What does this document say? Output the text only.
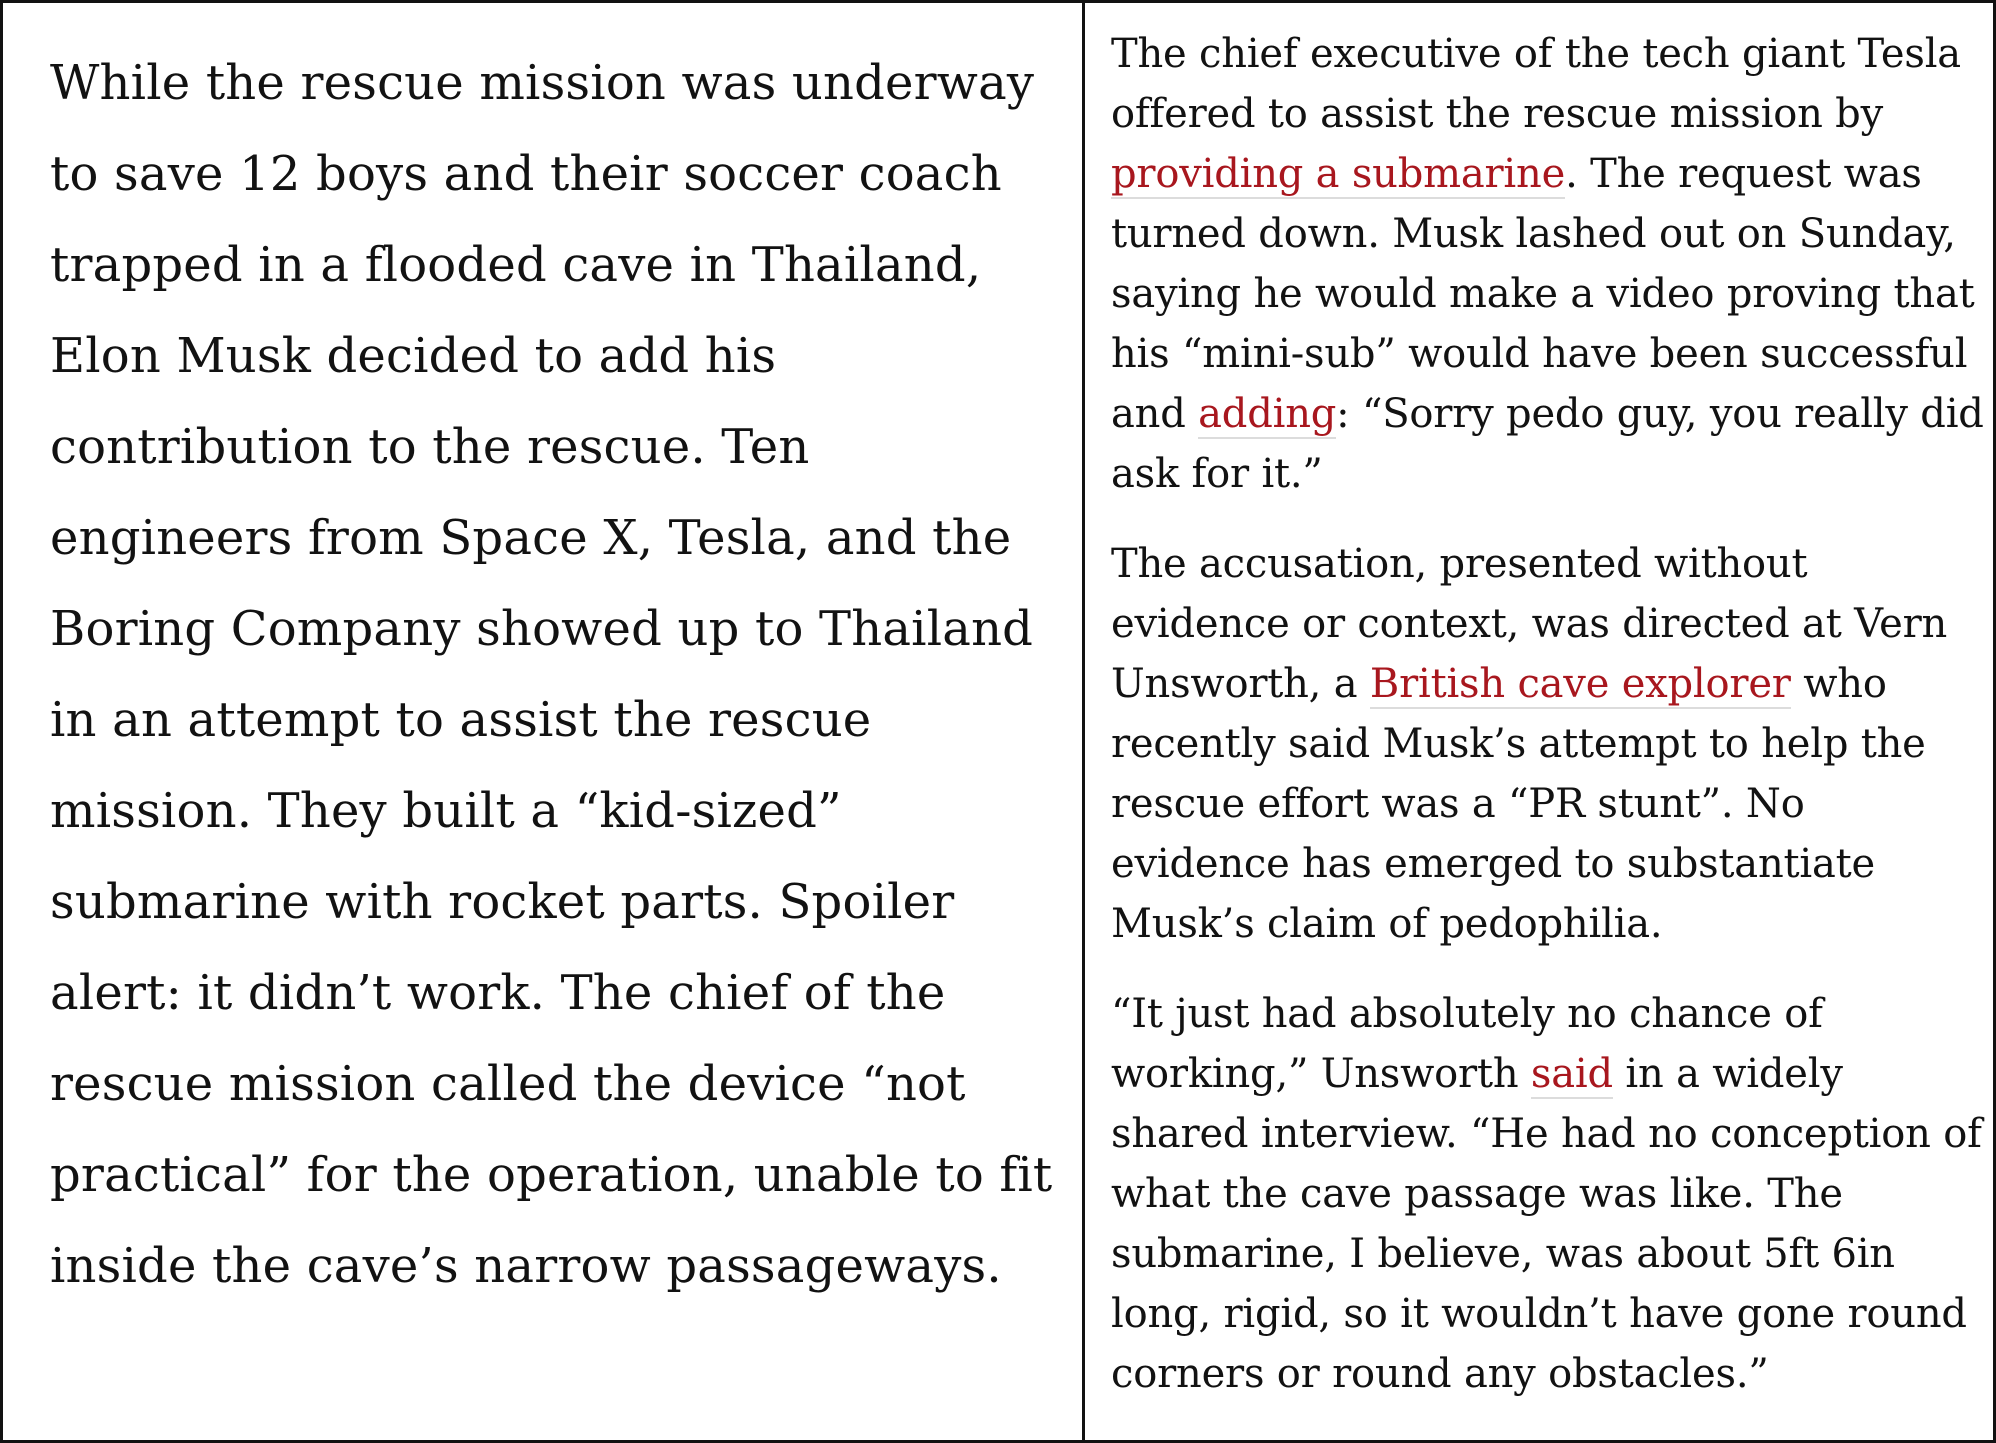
While the rescue mission was underway to save 12 boys and their soccer coach trapped in a flooded cave in Thailand, Elon Musk decided to add his contribution to the rescue. Ten engineers from Space X, Tesla, and the Boring Company showed up to Thailand in an attempt to assist the rescue mission. They built a “kid-sized” submarine with rocket parts. Spoiler alert: it didn’t work. The chief of the rescue mission called the device “not practical” for the operation, unable to fit inside the cave’s narrow passageways.

The chief executive of the tech giant Tesla offered to assist the rescue mission by providing a submarine. The request was turned down. Musk lashed out on Sunday, saying he would make a video proving that his “mini-sub” would have been successful and adding: “Sorry pedo guy, you really did ask for it.”

The accusation, presented without evidence or context, was directed at Vern Unsworth, a British cave explorer who recently said Musk’s attempt to help the rescue effort was a “PR stunt”. No evidence has emerged to substantiate Musk’s claim of pedophilia.

“It just had absolutely no chance of working,” Unsworth said in a widely shared interview. “He had no conception of what the cave passage was like. The submarine, I believe, was about 5ft 6in long, rigid, so it wouldn’t have gone round corners or round any obstacles.”
